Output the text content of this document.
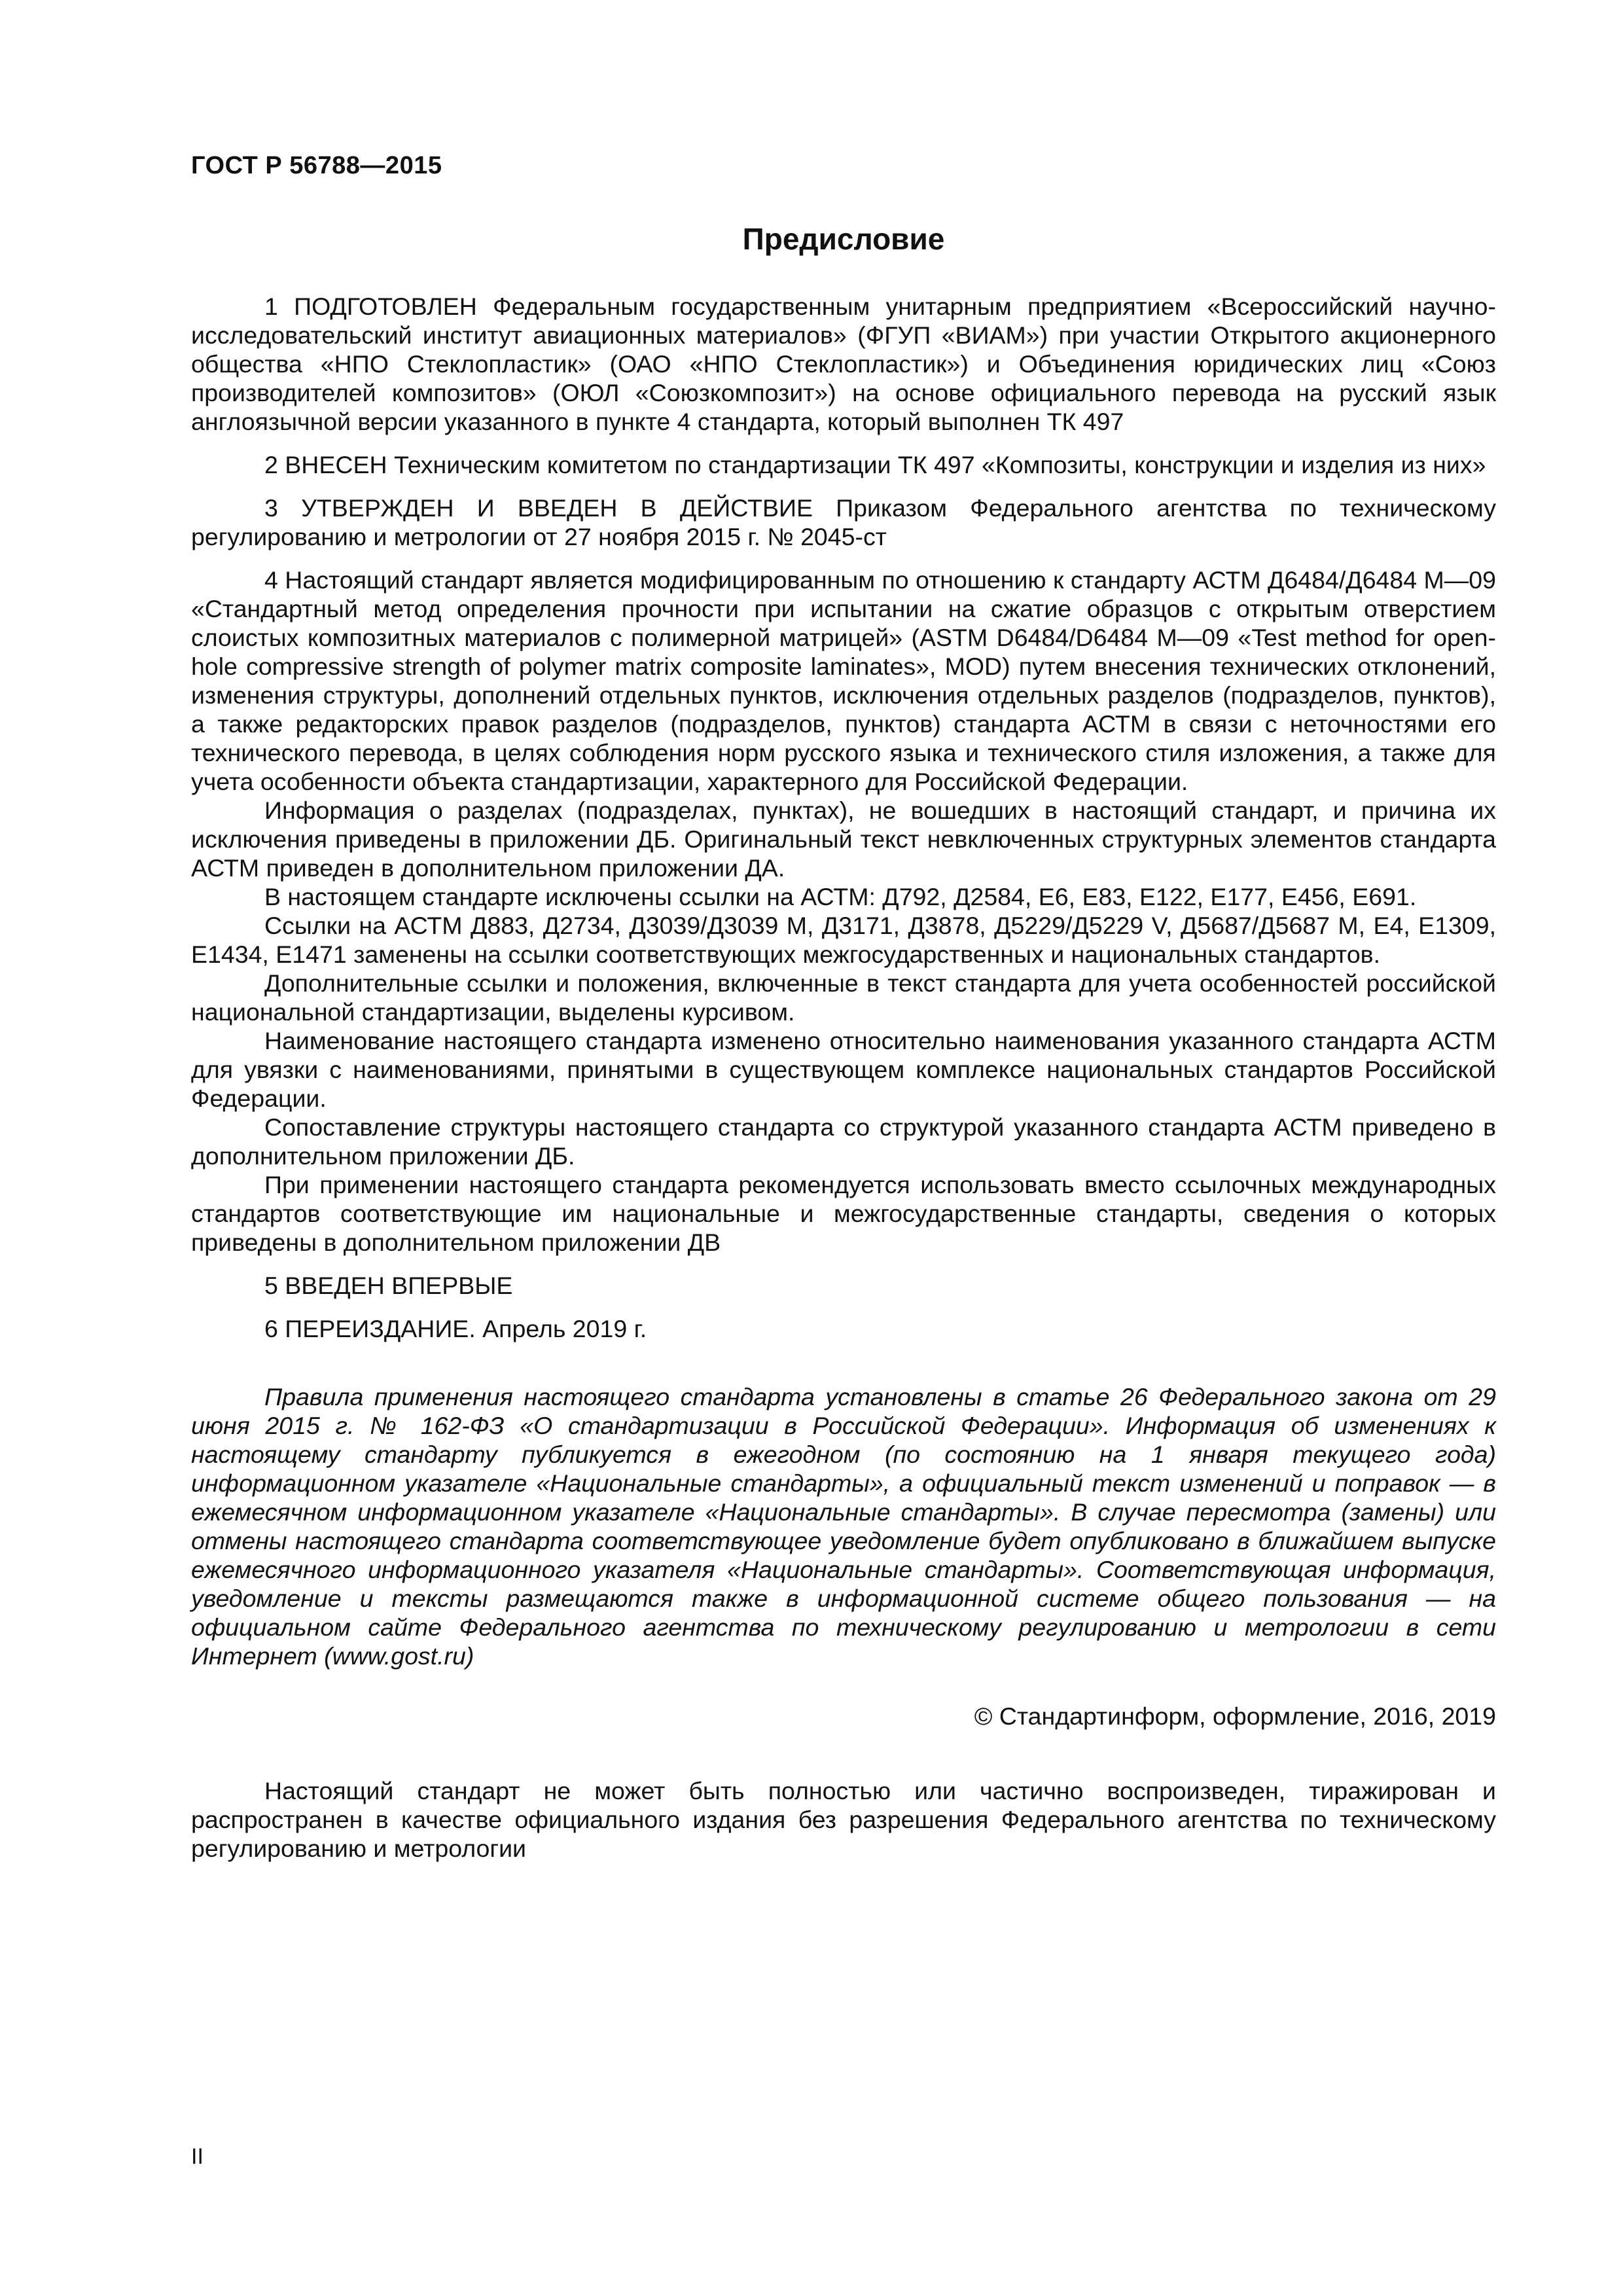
ГОСТ Р 56788—2015
Предисловие

1 ПОДГОТОВЛЕН Федеральным государственным унитарным предприятием «Всероссийский научно-исследовательский институт авиационных материалов» (ФГУП «ВИАМ») при участии Открытого акционерного общества «НПО Стеклопластик» (ОАО «НПО Стеклопластик») и Объединения юридических лиц «Союз производителей композитов» (ОЮЛ «Союзкомпозит») на основе официального перевода на русский язык англоязычной версии указанного в пункте 4 стандарта, который выполнен ТК 497

2 ВНЕСЕН Техническим комитетом по стандартизации ТК 497 «Композиты, конструкции и изделия из них»

3 УТВЕРЖДЕН И ВВЕДЕН В ДЕЙСТВИЕ Приказом Федерального агентства по техническому регулированию и метрологии от 27 ноября 2015 г. № 2045-ст

4 Настоящий стандарт является модифицированным по отношению к стандарту АСТМ Д6484/Д6484 М—09 «Стандартный метод определения прочности при испытании на сжатие образцов с открытым отверстием слоистых композитных материалов с полимерной матрицей» (ASTM D6484/D6484 M—09 «Test method for open-hole compressive strength of polymer matrix composite laminates», MOD) путем внесения технических отклонений, изменения структуры, дополнений отдельных пунктов, исключения отдельных разделов (подразделов, пунктов), а также редакторских правок разделов (подразделов, пунктов) стандарта АСТМ в связи с неточностями его технического перевода, в целях соблюдения норм русского языка и технического стиля изложения, а также для учета особенности объекта стандартизации, характерного для Российской Федерации.

Информация о разделах (подразделах, пунктах), не вошедших в настоящий стандарт, и причина их исключения приведены в приложении ДБ. Оригинальный текст невключенных структурных элементов стандарта АСТМ приведен в дополнительном приложении ДА.

В настоящем стандарте исключены ссылки на АСТМ: Д792, Д2584, Е6, Е83, Е122, Е177, Е456, Е691.

Ссылки на АСТМ Д883, Д2734, Д3039/Д3039 М, Д3171, Д3878, Д5229/Д5229 V, Д5687/Д5687 М, Е4, Е1309, Е1434, Е1471 заменены на ссылки соответствующих межгосударственных и национальных стандартов.

Дополнительные ссылки и положения, включенные в текст стандарта для учета особенностей российской национальной стандартизации, выделены курсивом.

Наименование настоящего стандарта изменено относительно наименования указанного стандарта АСТМ для увязки с наименованиями, принятыми в существующем комплексе национальных стандартов Российской Федерации.

Сопоставление структуры настоящего стандарта со структурой указанного стандарта АСТМ приведено в дополнительном приложении ДБ.

При применении настоящего стандарта рекомендуется использовать вместо ссылочных международных стандартов соответствующие им национальные и межгосударственные стандарты, сведения о которых приведены в дополнительном приложении ДВ

5 ВВЕДЕН ВПЕРВЫЕ

6 ПЕРЕИЗДАНИЕ. Апрель 2019 г.

Правила применения настоящего стандарта установлены в статье 26 Федерального закона от 29 июня 2015 г. № 162-ФЗ «О стандартизации в Российской Федерации». Информация об изменениях к настоящему стандарту публикуется в ежегодном (по состоянию на 1 января текущего года) информационном указателе «Национальные стандарты», а официальный текст изменений и поправок — в ежемесячном информационном указателе «Национальные стандарты». В случае пересмотра (замены) или отмены настоящего стандарта соответствующее уведомление будет опубликовано в ближайшем выпуске ежемесячного информационного указателя «Национальные стандарты». Соответствующая информация, уведомление и тексты размещаются также в информационной системе общего пользования — на официальном сайте Федерального агентства по техническому регулированию и метрологии в сети Интернет (www.gost.ru)

© Стандартинформ, оформление, 2016, 2019

Настоящий стандарт не может быть полностью или частично воспроизведен, тиражирован и распространен в качестве официального издания без разрешения Федерального агентства по техническому регулированию и метрологии

II
